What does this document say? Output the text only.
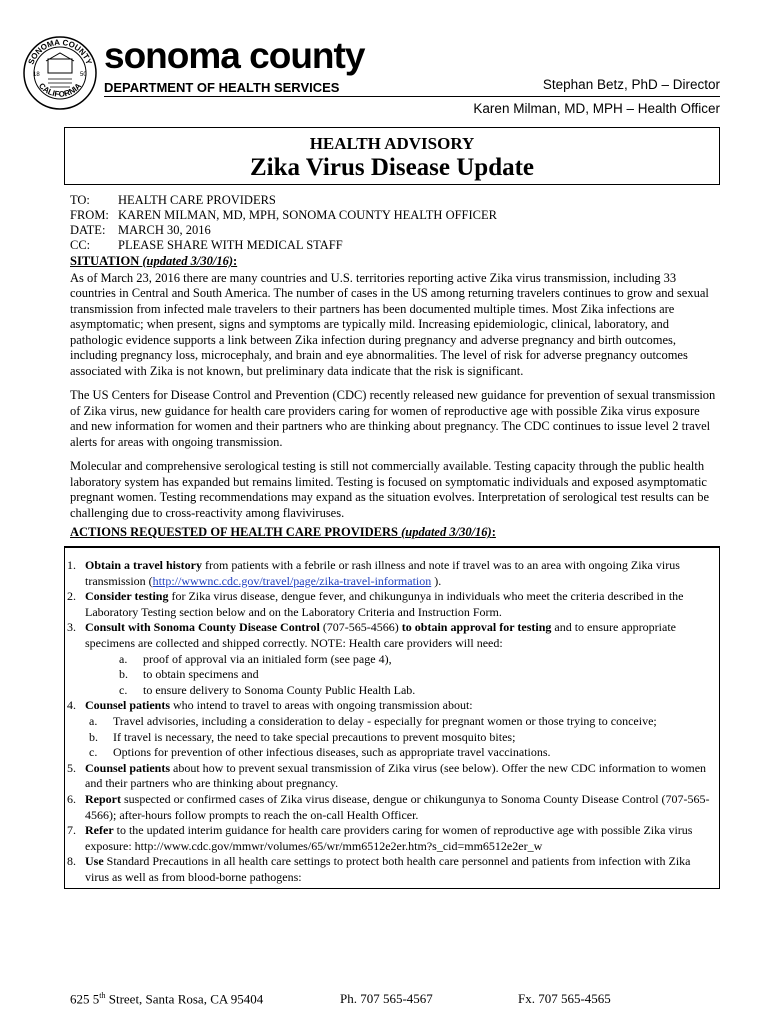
SONOMA COUNTY
CALIFORNIA
18	50 sonoma county
DEPARTMENT OF HEALTH SERVICES	Stephan Betz, PhD – Director
Karen Milman, MD, MPH – Health Officer
HEALTH ADVISORY
Zika Virus Disease Update
TO:	HEALTH CARE PROVIDERS
FROM: KAREN MILMAN, MD, MPH, SONOMA COUNTY HEALTH OFFICER
DATE:	MARCH 30, 2016
CC:	PLEASE SHARE WITH MEDICAL STAFF
SITUATION (updated 3/30/16):

As of March 23, 2016 there are many countries and U.S. territories reporting active Zika virus transmission, including 33 countries in Central and South America. The number of cases in the US among returning travelers continues to grow and sexual transmission from infected male travelers to their partners has been documented multiple times. Most Zika infections are asymptomatic; when present, signs and symptoms are typically mild. Increasing epidemiologic, clinical, laboratory, and pathologic evidence supports a link between Zika infection during pregnancy and adverse pregnancy and birth outcomes, including pregnancy loss, microcephaly, and brain and eye abnormalities. The level of risk for adverse pregnancy outcomes associated with Zika is not known, but preliminary data indicate that the risk is significant.

The US Centers for Disease Control and Prevention (CDC) recently released new guidance for prevention of sexual transmission of Zika virus, new guidance for health care providers caring for women of reproductive age with possible Zika virus exposure and new information for women and their partners who are thinking about pregnancy. The CDC continues to issue level 2 travel alerts for areas with ongoing transmission.

Molecular and comprehensive serological testing is still not commercially available. Testing capacity through the public health laboratory system has expanded but remains limited. Testing is focused on symptomatic individuals and exposed asymptomatic pregnant women. Testing recommendations may expand as the situation evolves. Interpretation of serological test results can be challenging due to cross-reactivity among flaviviruses.

ACTIONS REQUESTED OF HEALTH CARE PROVIDERS (updated 3/30/16):
1. Obtain a travel history from patients with a febrile or rash illness and note if travel was to an area with ongoing Zika virus transmission (http://wwwnc.cdc.gov/travel/page/zika-travel-information ).
2. Consider testing for Zika virus disease, dengue fever, and chikungunya in individuals who meet the criteria described in the Laboratory Testing section below and on the Laboratory Criteria and Instruction Form.
3. Consult with Sonoma County Disease Control (707-565-4566) to obtain approval for testing and to ensure appropriate specimens are collected and shipped correctly. NOTE: Health care providers will need:
a. proof of approval via an initialed form (see page 4),
b. to obtain specimens and
c. to ensure delivery to Sonoma County Public Health Lab.
4. Counsel patients who intend to travel to areas with ongoing transmission about:
a. Travel advisories, including a consideration to delay - especially for pregnant women or those trying to conceive;
b. If travel is necessary, the need to take special precautions to prevent mosquito bites;
c. Options for prevention of other infectious diseases, such as appropriate travel vaccinations.
5. Counsel patients about how to prevent sexual transmission of Zika virus (see below). Offer the new CDC information to women and their partners who are thinking about pregnancy.
6. Report suspected or confirmed cases of Zika virus disease, dengue or chikungunya to Sonoma County Disease Control (707-565-4566); after-hours follow prompts to reach the on-call Health Officer.
7. Refer to the updated interim guidance for health care providers caring for women of reproductive age with possible Zika virus exposure: http://www.cdc.gov/mmwr/volumes/65/wr/mm6512e2er.htm?s_cid=mm6512e2er_w
8. Use Standard Precautions in all health care settings to protect both health care personnel and patients from infection with Zika virus as well as from blood-borne pathogens:
625 5th Street, Santa Rosa, CA 95404	Ph. 707 565-4567	Fx. 707 565-4565
